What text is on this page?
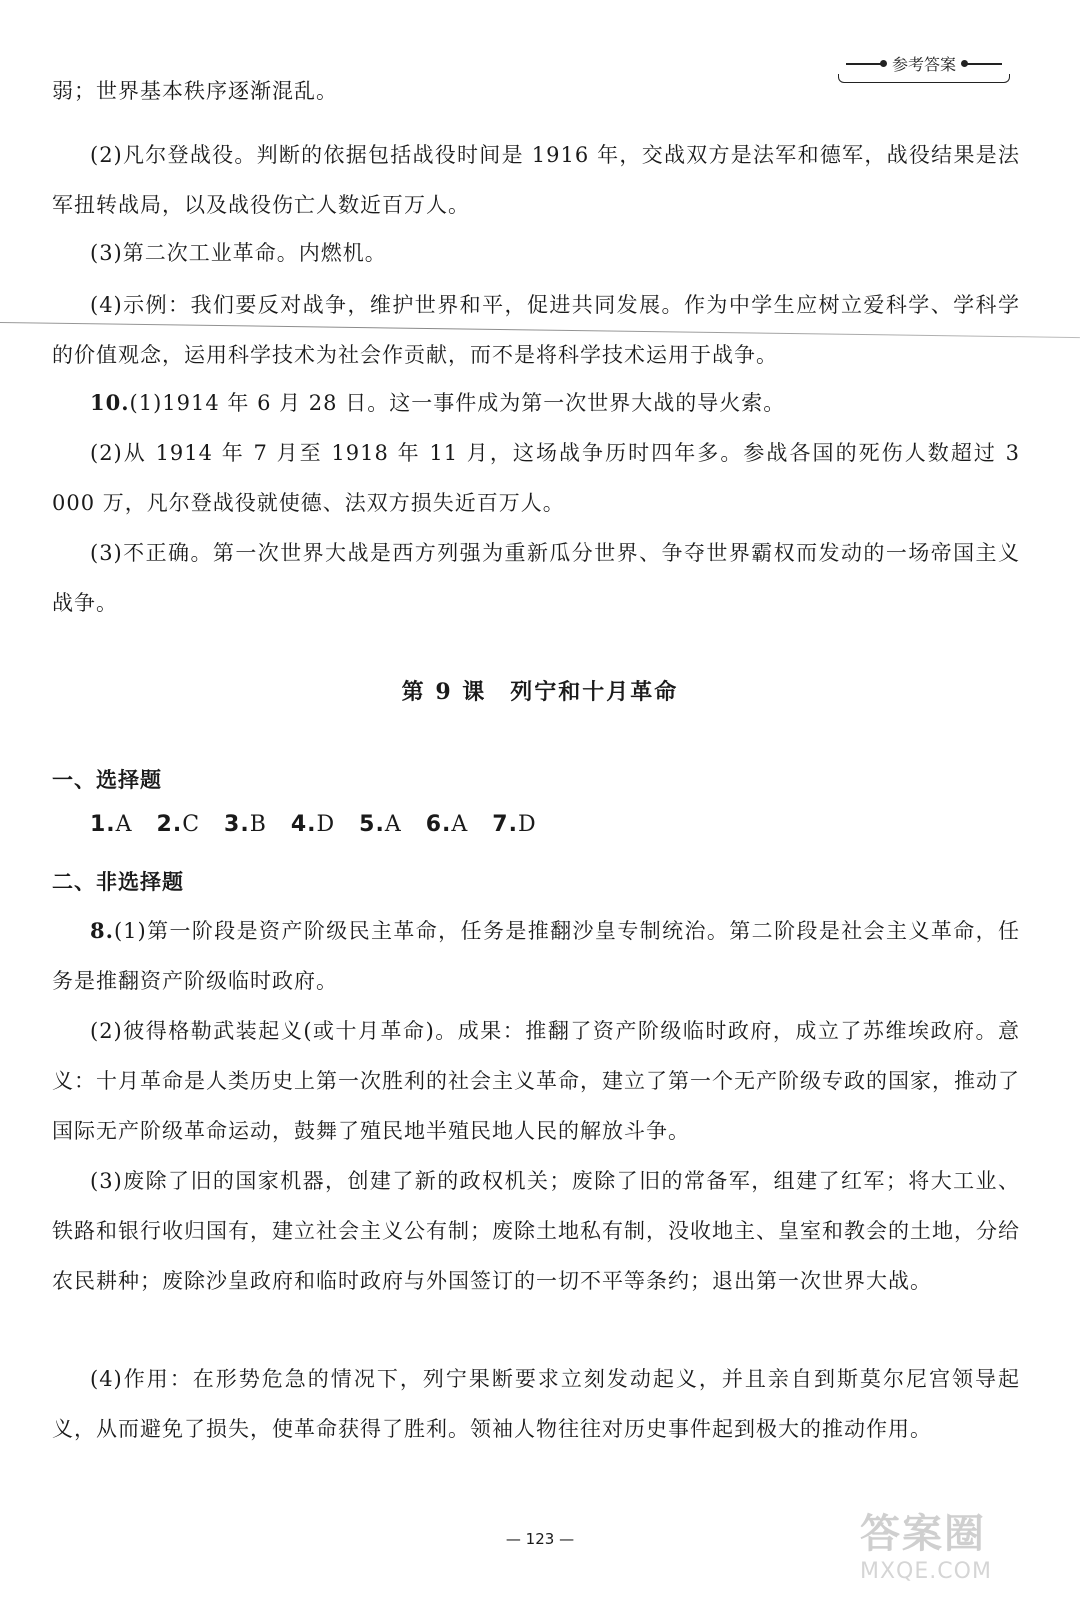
参考答案

弱；世界基本秩序逐渐混乱。

(2)凡尔登战役。判断的依据包括战役时间是 1916 年，交战双方是法军和德军，战役结果是法军扭转战局，以及战役伤亡人数近百万人。

(3)第二次工业革命。内燃机。

(4)示例：我们要反对战争，维护世界和平，促进共同发展。作为中学生应树立爱科学、学科学的价值观念，运用科学技术为社会作贡献，而不是将科学技术运用于战争。

10.(1)1914 年 6 月 28 日。这一事件成为第一次世界大战的导火索。

(2)从 1914 年 7 月至 1918 年 11 月，这场战争历时四年多。参战各国的死伤人数超过 3 000 万，凡尔登战役就使德、法双方损失近百万人。

(3)不正确。第一次世界大战是西方列强为重新瓜分世界、争夺世界霸权而发动的一场帝国主义战争。

第 9 课　列宁和十月革命
一、选择题
1.A 2.C 3.B 4.D 5.A 6.A 7.D
二、非选择题

8.(1)第一阶段是资产阶级民主革命，任务是推翻沙皇专制统治。第二阶段是社会主义革命，任务是推翻资产阶级临时政府。

(2)彼得格勒武装起义(或十月革命)。成果：推翻了资产阶级临时政府，成立了苏维埃政府。意义：十月革命是人类历史上第一次胜利的社会主义革命，建立了第一个无产阶级专政的国家，推动了国际无产阶级革命运动，鼓舞了殖民地半殖民地人民的解放斗争。

(3)废除了旧的国家机器，创建了新的政权机关；废除了旧的常备军，组建了红军；将大工业、铁路和银行收归国有，建立社会主义公有制；废除土地私有制，没收地主、皇室和教会的土地，分给农民耕种；废除沙皇政府和临时政府与外国签订的一切不平等条约；退出第一次世界大战。

(4)作用：在形势危急的情况下，列宁果断要求立刻发动起义，并且亲自到斯莫尔尼宫领导起义，从而避免了损失，使革命获得了胜利。领袖人物往往对历史事件起到极大的推动作用。

— 123 —	答案圈
MXQE.COM
